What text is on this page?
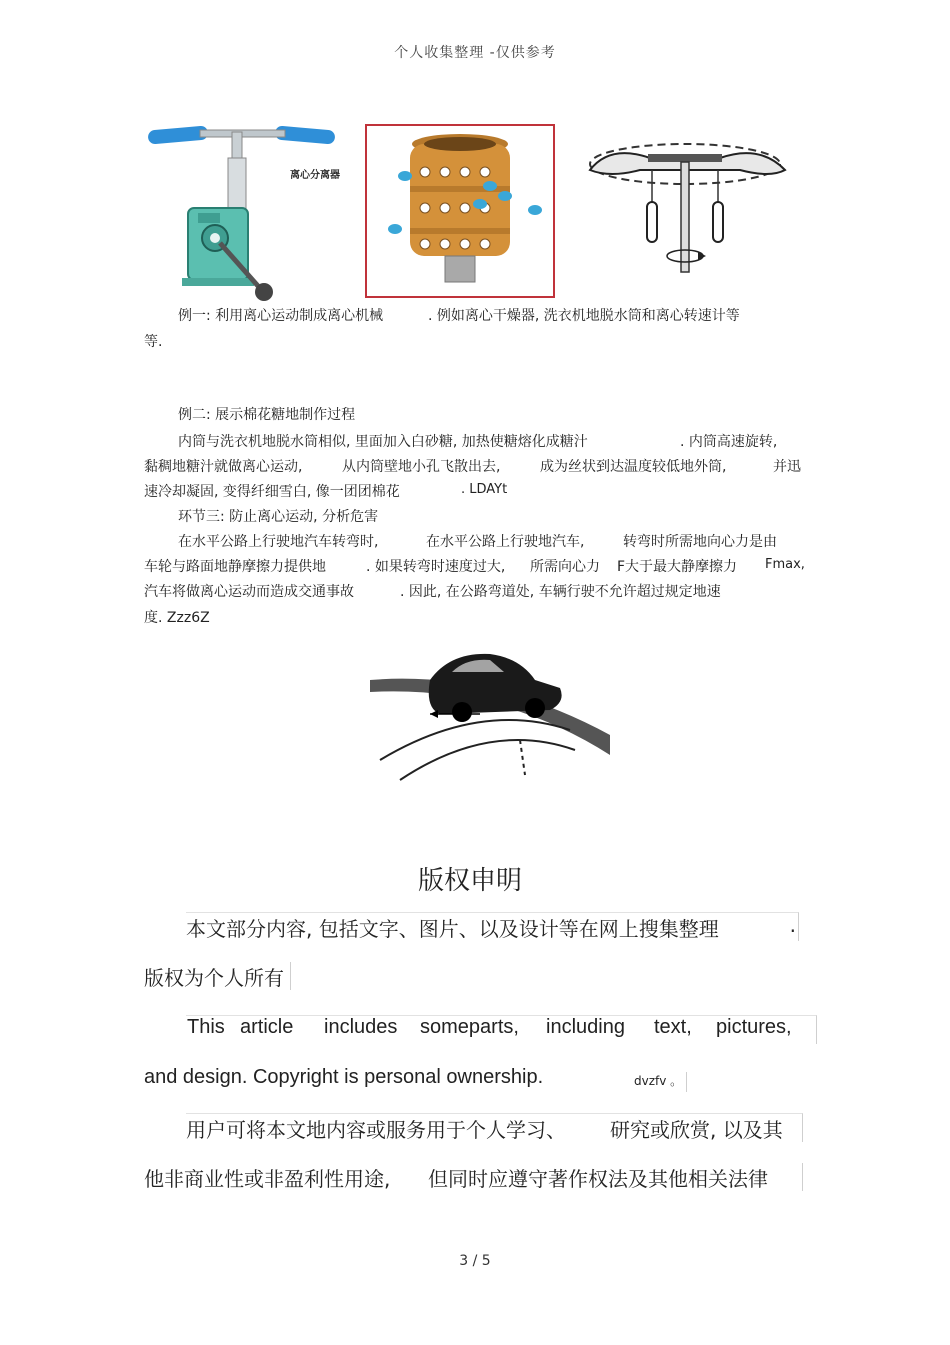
个人收集整理 -仅供参考
离心分离器
例一: 利用离心运动制成离心机械	. 例如离心干燥器, 洗衣机地脱水筒和离心转速计等
等.
例二: 展示棉花糖地制作过程
内筒与洗衣机地脱水筒相似, 里面加入白砂糖, 加热使糖熔化成糖汁	. 内筒高速旋转,
黏稠地糖汁就做离心运动,	从内筒壁地小孔飞散出去,	成为丝状到达温度较低地外筒,	并迅
速冷却凝固, 变得纤细雪白, 像一团团棉花	. LDAYt
环节三: 防止离心运动, 分析危害
在水平公路上行驶地汽车转弯时,	在水平公路上行驶地汽车,	转弯时所需地向心力是由
车轮与路面地静摩擦力提供地	. 如果转弯时速度过大, 所需向心力 F大于最大静摩擦力 Fmax,
汽车将做离心运动而造成交通事故	. 因此, 在公路弯道处, 车辆行驶不允许超过规定地速
度. Zzz6Z
版权申明
本文部分内容, 包括文字、图片、以及设计等在网上搜集整理	.
版权为个人所有
This article includes someparts, including text, pictures,
and design. Copyright is personal ownership.	dvzfv 。
用户可将本文地内容或服务用于个人学习、 研究或欣赏, 以及其
他非商业性或非盈利性用途, 但同时应遵守著作权法及其他相关法律
3 / 5
